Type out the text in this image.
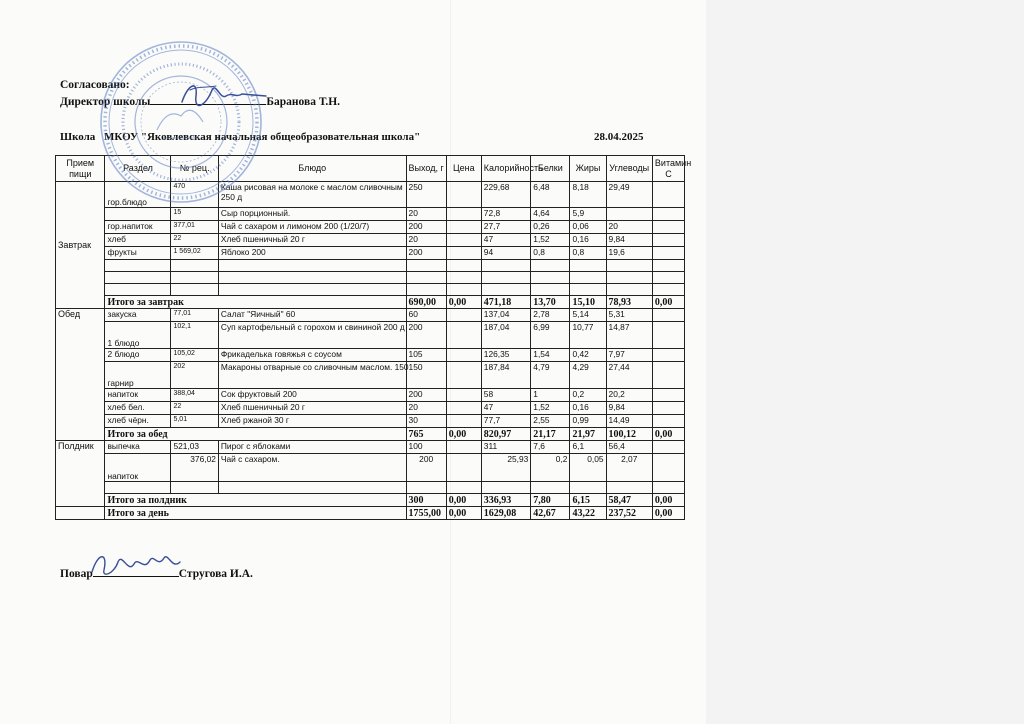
Согласовано:
Директор школы	Баранова Т.Н.
Школа МКОУ "Яковлевская начальная общеобразовательная школа"	28.04.2025
Прием пищи	Раздел	№ рец.	Блюдо	Выход, г	Цена	Калорийность	Белки	Жиры	Углеводы	Витамин С
Завтрак	гор.блюдо	470	Каша рисовая на молоке с маслом сливочным 250 д	250		229,68	6,48	8,18	29,49	
		15	Сыр порционный.	20		72,8	4,64	5,9		
	гор.напиток	377,01	Чай с сахаром и лимоном 200 (1/20/7)	200		27,7	0,26	0,06	20	
	хлеб	22	Хлеб пшеничный 20 г	20		47	1,52	0,16	9,84	
	фрукты	1 569,02	Яблоко 200	200		94	0,8	0,8	19,6	

	Итого за завтрак			690,00	0,00	471,18	13,70	15,10	78,93	0,00
Обед	закуска	77,01	Салат "Яичный" 60	60		137,04	2,78	5,14	5,31	
	1 блюдо	102,1	Суп картофельный с горохом и свининой 200 д	200		187,04	6,99	10,77	14,87	
	2 блюдо	105,02	Фрикаделька говяжья с соусом	105		126,35	1,54	0,42	7,97	
	гарнир	202	Макароны отварные со сливочным маслом. 150	150		187,84	4,79	4,29	27,44	
	напиток	388,04	Сок фруктовый 200	200		58	1	0,2	20,2	
	хлеб бел.	22	Хлеб пшеничный 20 г	20		47	1,52	0,16	9,84	
	хлеб чёрн.	5,01	Хлеб ржаной 30 г	30		77,7	2,55	0,99	14,49	
	Итого за обед			765	0,00	820,97	21,17	21,97	100,12	0,00
Полдник	выпечка	521,03	Пирог с яблоками	100		311	7,6	6,1	56,4	
	напиток	376,02	Чай с сахаром.	200		25,93	0,2	0,05	2,07	

	Итого за полдник			300	0,00	336,93	7,80	6,15	58,47	0,00
	Итого за день			1755,00	0,00	1629,08	42,67	43,22	237,52	0,00
Повар	Стругова И.А.
